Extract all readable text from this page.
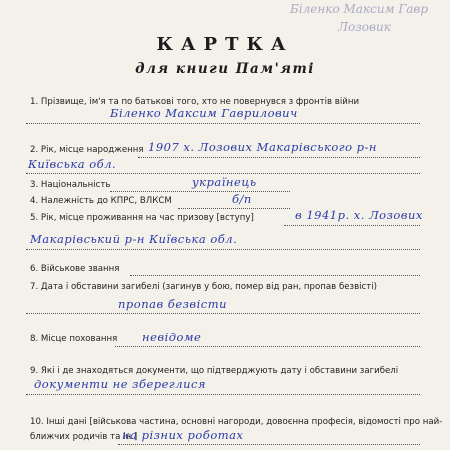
Біленко Максим Гавр
Лозовик
КАРТКА
для книги Пам'яті
1. Прізвище, ім'я та по батькові того, хто не повернувся з фронтів війни
Біленко Максим Гаврилович
2. Рік, місце народження 1907 х. Лозових Макарівського р-н
Київська обл.
3. Національність	українець
4. Належність до КПРС, ВЛКСМ	б/п
5. Рік, місце проживання на час призову [вступу]	в 1941р. х. Лозових
Макарівський р-н Київська обл.
6. Військове звання
7. Дата і обставини загибелі (загинув у бою, помер від ран, пропав безвісті)
пропав безвісти
8. Місце поховання невідоме
9. Які і де знаходяться документи, що підтверджують дату і обставини загибелі
документи не збереглися
10. Інші дані [військова частина, основні нагороди, довоєнна професія, відомості про най-
ближчих родичів та ін.]
на різних роботах
